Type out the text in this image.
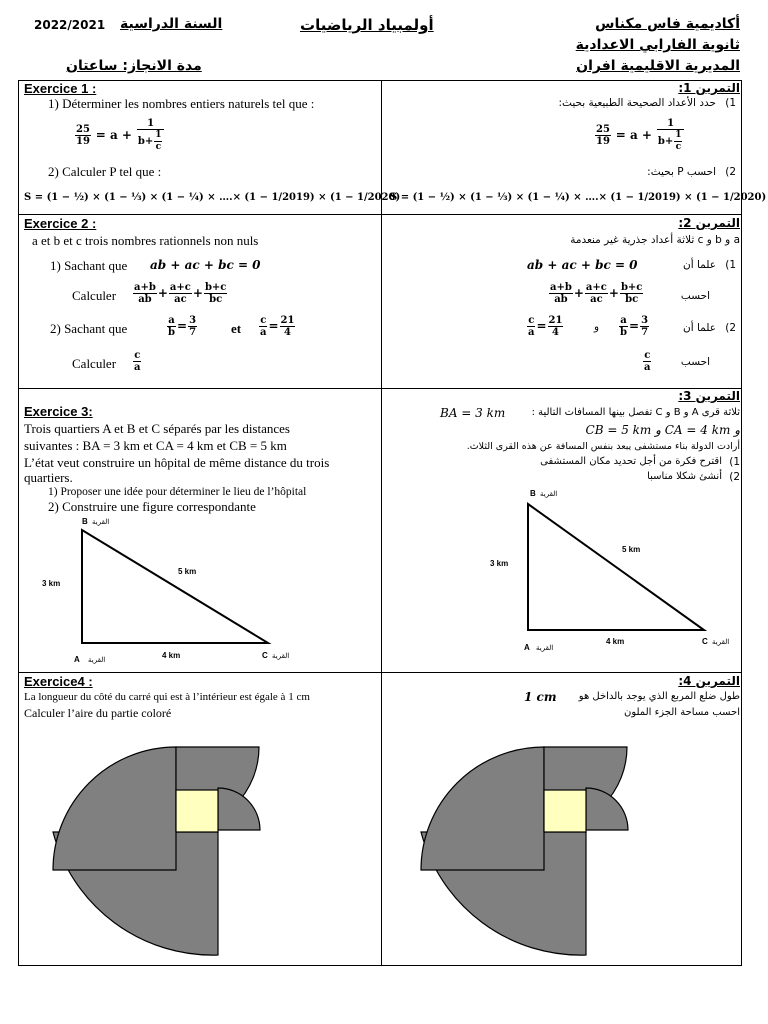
2022/2021 السنة الدراسية
مدة الانجاز: ساعتان
أولمبياد الرياضيات	أكاديمية فاس مكناس
ثانوية الفارابي الاعدادية
المديرية الاقليمية افران
Exercice 1 :
1) Déterminer les nombres entiers naturels tel que :
$\frac{25}{19} = a + \frac{1}{b+ \frac{1}{c}}$
2) Calculer P tel que :
S = (1 − ½) × (1 − ⅓) × (1 − ¼) × ….× (1 − 1/2019) × (1 − 1/2020)
التمرين 1:
1)
حدد الأعداد الصحيحة الطبيعية بحيث:
$\frac{25}{19} = a + \frac{1}{b+ \frac{1}{c}}$
2)
احسب P بحيث:
S = (1 − ½) × (1 − ⅓) × (1 − ¼) × ….× (1 − 1/2019) × (1 − 1/2020)
Exercice 2 :
a et b et c trois nombres rationnels non nuls
1) Sachant que ab + ac + bc = 0
Calculer $\frac{a+b}{ab} + \frac{a+c}{ac} + \frac{b+c}{bc}$
2) Sachant que	$\frac{a}{b} = \frac{3}{7}$	et $\frac{c}{a} = \frac{21}{4}$
Calculer $\frac{c}{a}$
التمرين 2:
a و b و c ثلاثة أعداد جذرية غير منعدمة
1)
علما أن
ab + ac + bc = 0
$\frac{a+b}{ab} + \frac{a+c}{ac} + \frac{b+c}{bc}$	احسب
$\frac{c}{a} = \frac{21}{4}$	و $\frac{a}{b} = \frac{3}{7}$	2)
علما أن
$\frac{c}{a}$	احسب
Exercice 3:
Trois quartiers A et B et C séparés par les distances
suivantes : BA = 3 km et CA = 4 km et CB = 5 km
L’état veut construire un hôpital de même distance du trois
quartiers.
1) Proposer une idée pour déterminer le lieu de l’hôpital
2) Construire une figure correspondante
B القرية
A القرية
C القرية
3 km
4 km
5 km
التمرين 3:
BA = 3 km	ثلاثة قرى A و B و C تفصل بينها المسافات التالية :
CB = 5 km و CA = 4 km و
أرادت الدولة بناء مستشفى يبعد بنفس المسافة عن هذه القرى الثلاث.
اقترح فكرة من أجل تحديد مكان المستشفى 1)
أنشئ شكلا مناسبا 2)
B القرية
A القرية
C القرية
3 km
4 km
5 km
Exercice4 :
La longueur du côté du carré qui est à l’intérieur est égale à 1 cm
Calculer l’aire du partie coloré
التمرين 4:
1 cm طول ضلع المربع الذي يوجد بالداخل هو
احسب مساحة الجزء الملون
